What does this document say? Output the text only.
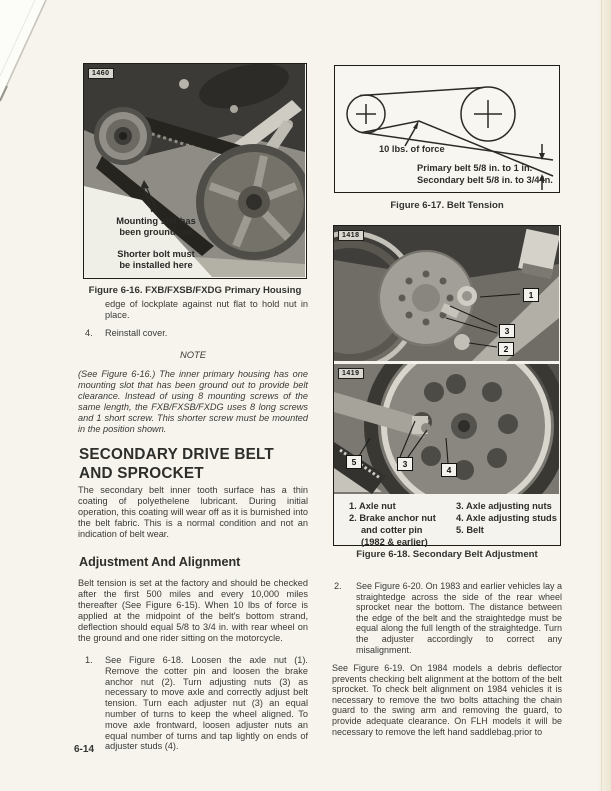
1460
Mounting slot has
been ground out
Shorter bolt must
be installed here
Figure 6-16. FXB/FXSB/FXDG Primary Housing
edge of lockplate against nut flat to hold nut in place.
4. Reinstall cover.
NOTE
(See Figure 6-16.) The inner primary housing has one mounting slot that has been ground out to provide belt clearance. Instead of using 8 mounting screws of the same length, the FXB/FXSB/FXDG uses 8 long screws and 1 short screw. This shorter screw must be mounted in the position shown.
SECONDARY DRIVE BELT
AND SPROCKET
The secondary belt inner tooth surface has a thin coating of polyethelene lubricant. During initial operation, this coating will wear off as it is burnished into the belt fabric. This is a normal condition and not an indication of belt wear.
Adjustment And Alignment
Belt tension is set at the factory and should be checked after the first 500 miles and every 10,000 miles thereafter (See Figure 6-15). When 10 lbs of force is applied at the midpoint of the belt's bottom strand, deflection should equal 5/8 to 3/4 in. with rear wheel on the ground and one rider sitting on the motorcycle.
1. See Figure 6-18. Loosen the axle nut (1). Remove the cotter pin and loosen the brake anchor nut (2). Turn adjusting nuts (3) as necessary to move axle and correctly adjust belt tension. Turn each adjuster nut (3) an equal number of turns to keep the wheel aligned. To move axle frontward, loosen adjuster nuts an equal number of turns and tap lightly on ends of adjuster studs (4).
6-14
10 lbs. of force
Primary belt 5/8 in. to 1 in.
Secondary belt 5/8 in. to 3/4 in.
Figure 6-17. Belt Tension
1418
1419
1
3
2
5	3
4
1. Axle nut
2. Brake anchor nut
and cotter pin
(1982 & earlier)
3. Axle adjusting nuts
4. Axle adjusting studs
5. Belt
Figure 6-18. Secondary Belt Adjustment
2. See Figure 6-20. On 1983 and earlier vehicles lay a straightedge across the side of the rear wheel sprocket near the bottom. The distance between the edge of the belt and the straightedge must be equal along the full length of the straightedge. Turn the adjuster accordingly to correct any misalignment.
See Figure 6-19. On 1984 models a debris deflector prevents checking belt alignment at the bottom of the belt sprocket. To check belt alignment on 1984 vehicles it is necessary to remove the two bolts attaching the chain guard to the swing arm and removing the guard, to provide adequate clearance. On FLH models it will be necessary to remove the left hand saddlebag.prior to
